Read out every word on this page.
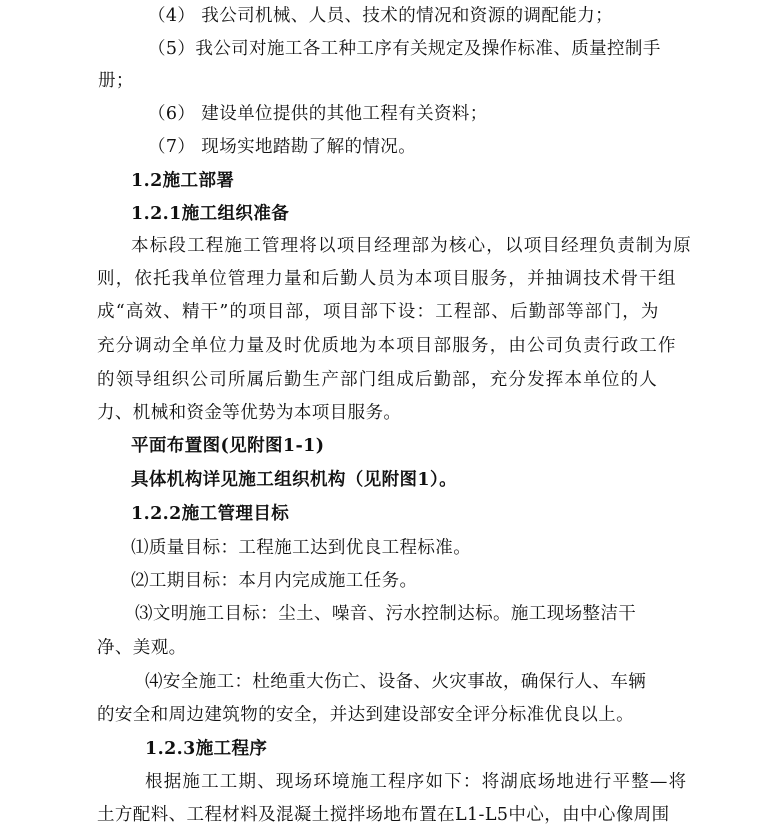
（4） 我公司机械、人员、技术的情况和资源的调配能力；
（5）我公司对施工各工种工序有关规定及操作标准、质量控制手
册；
（6） 建设单位提供的其他工程有关资料；
（7） 现场实地踏勘了解的情况。
1.2施工部署
1.2.1施工组织准备
本标段工程施工管理将以项目经理部为核心，以项目经理负责制为原
则，依托我单位管理力量和后勤人员为本项目服务，并抽调技术骨干组
成“高效、精干”的项目部，项目部下设：工程部、后勤部等部门，为
充分调动全单位力量及时优质地为本项目部服务，由公司负责行政工作
的领导组织公司所属后勤生产部门组成后勤部，充分发挥本单位的人
力、机械和资金等优势为本项目服务。
平面布置图(见附图1-1)
具体机构详见施工组织机构（见附图1）。
1.2.2施工管理目标
⑴质量目标：工程施工达到优良工程标准。
⑵工期目标：本月内完成施工任务。
⑶文明施工目标：尘土、噪音、污水控制达标。施工现场整洁干
净、美观。
⑷安全施工：杜绝重大伤亡、设备、火灾事故，确保行人、车辆
的安全和周边建筑物的安全，并达到建设部安全评分标准优良以上。
1.2.3施工程序
根据施工工期、现场环境施工程序如下：将湖底场地进行平整—将
土方配料、工程材料及混凝土搅拌场地布置在L1-L5中心，由中心像周围
